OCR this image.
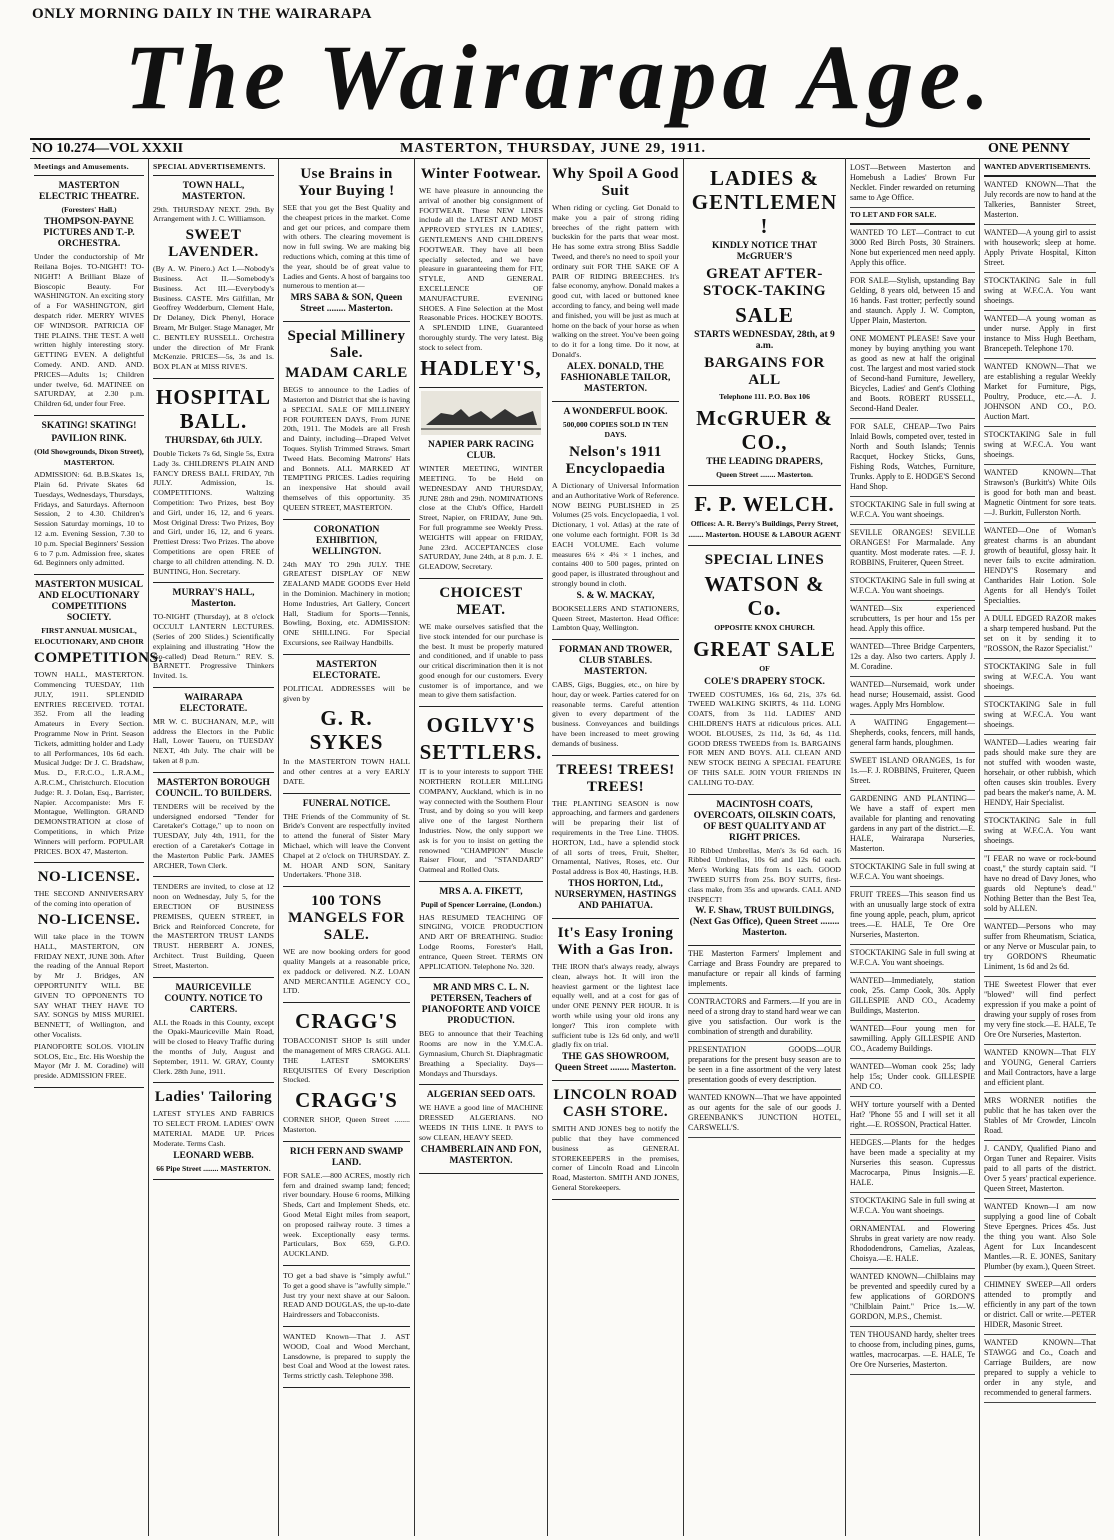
ONLY MORNING DAILY IN THE WAIRARAPA
The Wairarapa Age.
NO 10.274—VOL XXXII	MASTERTON, THURSDAY, JUNE 29, 1911.	ONE PENNY
Meetings and Amusements.
MASTERTON ELECTRIC THEATRE.
(Foresters' Hall.)
THOMPSON-PAYNE PICTURES AND T.-P. ORCHESTRA.

Under the conductorship of Mr Reilana Bojes. TO-NIGHT! TO-NIGHT! A Brilliant Blaze of Bioscopic Beauty. For WASHINGTON. An exciting story of a For WASHINGTON, girl despatch rider. MERRY WIVES OF WINDSOR. PATRICIA OF THE PLAINS. THE TEST. A well written highly interesting story. GETTING EVEN. A delightful Comedy. AND. AND. AND. PRICES—Adults 1s; Children under twelve, 6d. MATINEE on SATURDAY, at 2.30 p.m. Children 6d, under four Free.

SKATING! SKATING!
PAVILION RINK.
(Old Showgrounds, Dixon Street), MASTERTON.

ADMISSION: 6d. B.B.Skates 1s, Plain 6d. Private Skates 6d Tuesdays, Wednesdays, Thursdays, Fridays, and Saturdays. Afternoon Session, 2 to 4.30. Children's Session Saturday mornings, 10 to 12 a.m. Evening Session, 7.30 to 10 p.m. Special Beginners' Session 6 to 7 p.m. Admission free, skates 6d. Beginners only admitted.

MASTERTON MUSICAL AND ELOCUTIONARY COMPETITIONS SOCIETY.
FIRST ANNUAL MUSICAL, ELOCUTIONARY, AND CHOIR
COMPETITIONS.

TOWN HALL, MASTERTON. Commencing TUESDAY, 11th JULY, 1911. SPLENDID ENTRIES RECEIVED. TOTAL 352. From all the leading Amateurs in Every Section. Programme Now in Print. Season Tickets, admitting holder and Lady to all Performances, 10s 6d each. Musical Judge: Dr J. C. Bradshaw, Mus. D., F.R.C.O., L.R.A.M., A.R.C.M., Christchurch. Elocution Judge: R. J. Dolan, Esq., Barrister, Napier. Accompaniste: Mrs F. Montague, Wellington. GRAND DEMONSTRATION at close of Competitions, in which Prize Winners will perform. POPULAR PRICES. BOX 47, Masterton.

NO-LICENSE.

THE SECOND ANNIVERSARY of the coming into operation of

NO-LICENSE.

Will take place in the TOWN HALL, MASTERTON, ON FRIDAY NEXT, JUNE 30th. After the reading of the Annual Report by Mr J. Bridges, AN OPPORTUNITY WILL BE GIVEN TO OPPONENTS TO SAY WHAT THEY HAVE TO SAY. SONGS by MISS MURIEL BENNETT, of Wellington, and other Vocalists.

PIANOFORTE SOLOS. VIOLIN SOLOS, Etc., Etc. His Worship the Mayor (Mr J. M. Coradine) will preside. ADMISSION FREE.

SPECIAL ADVERTISEMENTS.
TOWN HALL, MASTERTON.

29th. THURSDAY NEXT. 29th. By Arrangement with J. C. Williamson.

SWEET LAVENDER.

(By A. W. Pinero.) Act I.—Nobody's Business. Act II.—Somebody's Business. Act III.—Everybody's Business. CASTE. Mrs Gilfillan, Mr Geoffrey Wedderburn, Clement Hale, Dr Delaney, Dick Phenyl, Horace Bream, Mr Bulger. Stage Manager, Mr C. BENTLEY RUSSELL. Orchestra under the direction of Mr Frank McKenzie. PRICES—5s, 3s and 1s. BOX PLAN at MISS RIVE'S.

HOSPITAL BALL.
THURSDAY, 6th JULY.

Double Tickets 7s 6d, Single 5s, Extra Lady 3s. CHILDREN'S PLAIN AND FANCY DRESS BALL FRIDAY, 7th JULY. Admission, 1s. COMPETITIONS. Waltzing Competition: Two Prizes, best Boy and Girl, under 16, 12, and 6 years. Most Original Dress: Two Prizes, Boy and Girl, under 16, 12, and 6 years. Prettiest Dress: Two Prizes. The above Competitions are open FREE of charge to all children attending. N. D. BUNTING, Hon. Secretary.

MURRAY'S HALL, Masterton.

TO-NIGHT (Thursday), at 8 o'clock OCCULT LANTERN LECTURES. (Series of 200 Slides.) Scientifically explaining and illustrating "How the (so-called) Dead Return." REV. S. BARNETT. Progressive Thinkers Invited. 1s.

WAIRARAPA ELECTORATE.

MR W. C. BUCHANAN, M.P., will address the Electors in the Public Hall, Lower Taueru, on TUESDAY NEXT, 4th July. The chair will be taken at 8 p.m.

MASTERTON BOROUGH COUNCIL. TO BUILDERS.

TENDERS will be received by the undersigned endorsed "Tender for Caretaker's Cottage," up to noon on TUESDAY, July 4th, 1911, for the erection of a Caretaker's Cottage in the Masterton Public Park. JAMES ARCHER, Town Clerk.

TENDERS are invited, to close at 12 noon on Wednesday, July 5, for the ERECTION OF BUSINESS PREMISES, QUEEN STREET, in Brick and Reinforced Concrete, for the MASTERTON TRUST LANDS TRUST. HERBERT A. JONES, Architect. Trust Building, Queen Street, Masterton.

MAURICEVILLE COUNTY. NOTICE TO CARTERS.

ALL the Roads in this County, except the Opaki-Mauriceville Main Road, will be closed to Heavy Traffic during the months of July, August and September, 1911. W. GRAY, County Clerk. 28th June, 1911.

Ladies' Tailoring

LATEST STYLES AND FABRICS TO SELECT FROM. LADIES' OWN MATERIAL MADE UP. Prices Moderate. Terms Cash.

LEONARD WEBB.
66 Pipe Street ........ MASTERTON.
Use Brains in Your Buying !

SEE that you get the Best Quality and the cheapest prices in the market. Come and get our prices, and compare them with others. The clearing movement is now in full swing. We are making big reductions which, coming at this time of the year, should be of great value to Ladies and Gents. A host of bargains too numerous to mention at—

MRS SABA & SON, Queen Street ........ Masterton.
Special Millinery Sale.
MADAM CARLE

BEGS to announce to the Ladies of Masterton and District that she is having a SPECIAL SALE OF MILLINERY FOR FOURTEEN DAYS, From JUNE 20th, 1911. The Models are all Fresh and Dainty, including—Draped Velvet Toques. Stylish Trimmed Straws. Smart Tweed Hats. Becoming Matrons' Hats and Bonnets. ALL MARKED AT TEMPTING PRICES. Ladies requiring an inexpensive Hat should avail themselves of this opportunity. 35 QUEEN STREET, MASTERTON.

CORONATION EXHIBITION, WELLINGTON.

24th MAY TO 29th JULY. THE GREATEST DISPLAY OF NEW ZEALAND MADE GOODS Ever Held in the Dominion. Machinery in motion; Home Industries, Art Gallery, Concert Hall, Stadium for Sports—Tennis, Bowling, Boxing, etc. ADMISSION: ONE SHILLING. For Special Excursions, see Railway Handbills.

MASTERTON ELECTORATE.

POLITICAL ADDRESSES will be given by

G. R. SYKES

In the MASTERTON TOWN HALL and other centres at a very EARLY DATE.

FUNERAL NOTICE.

THE Friends of the Community of St. Bride's Convent are respectfully invited to attend the funeral of Sister Mary Michael, which will leave the Convent Chapel at 2 o'clock on THURSDAY. Z. M. HOAR AND SON, Sanitary Undertakers. 'Phone 318.

100 TONS MANGELS FOR SALE.

WE are now booking orders for good quality Mangels at a reasonable price, ex paddock or delivered. N.Z. LOAN AND MERCANTILE AGENCY CO., LTD.

CRAGG'S

TOBACCONIST SHOP Is still under the management of MRS CRAGG. ALL THE LATEST SMOKERS' REQUISITES Of Every Description Stocked.

CRAGG'S

CORNER SHOP, Queen Street ........ Masterton.

RICH FERN AND SWAMP LAND.

FOR SALE.—800 ACRES, mostly rich fern and drained swamp land; fenced; river boundary. House 6 rooms, Milking Sheds, Cart and Implement Sheds, etc. Good Metal Eight miles from seaport, on proposed railway route. 3 times a week. Exceptionally easy terms. Particulars, Box 659, G.P.O. AUCKLAND.

TO get a bad shave is "simply awful." To get a good shave is "awfully simple." Just try your next shave at our Saloon. READ AND DOUGLAS, the up-to-date Hairdressers and Tobacconists.

WANTED Known—That J. AST WOOD, Coal and Wood Merchant, Lansdowne, is prepared to supply the best Coal and Wood at the lowest rates. Terms strictly cash. Telephone 398.

Winter Footwear.

WE have pleasure in announcing the arrival of another big consignment of FOOTWEAR. These NEW LINES include all the LATEST AND MOST APPROVED STYLES IN LADIES', GENTLEMEN'S AND CHILDREN'S FOOTWEAR. They have all been specially selected, and we have pleasure in guaranteeing them for FIT, STYLE, AND GENERAL EXCELLENCE OF MANUFACTURE. EVENING SHOES. A Fine Selection at the Most Reasonable Prices. HOCKEY BOOTS. A SPLENDID LINE, Guaranteed thoroughly sturdy. The very latest. Big stock to select from.

HADLEY'S,
NAPIER PARK RACING CLUB.

WINTER MEETING, WINTER MEETING. To be Held on WEDNESDAY AND THURSDAY, JUNE 28th and 29th. NOMINATIONS close at the Club's Office, Hardell Street, Napier, on FRIDAY, June 9th. For full programme see Weekly Press. WEIGHTS will appear on FRIDAY, June 23rd. ACCEPTANCES close SATURDAY, June 24th, at 8 p.m. J. E. GLEADOW, Secretary.

CHOICEST MEAT.

WE make ourselves satisfied that the live stock intended for our purchase is the best. It must be properly matured and conditioned, and if unable to pass our critical discrimination then it is not good enough for our customers. Every customer is of importance, and we mean to give them satisfaction.

OGILVY'S
SETTLERS.

IT is to your interests to support THE NORTHERN ROLLER MILLING COMPANY, Auckland, which is in no way connected with the Southern Flour Trust, and by doing so you will keep alive one of the largest Northern Industries. Now, the only support we ask is for you to insist on getting the renowned "CHAMPION" Muscle Raiser Flour, and "STANDARD" Oatmeal and Rolled Oats.

MRS A. A. FIKETT,
Pupil of Spencer Lorraine, (London.)

HAS RESUMED TEACHING OF SINGING, VOICE PRODUCTION AND ART OF BREATHING. Studio: Lodge Rooms, Forester's Hall, entrance, Queen Street. TERMS ON APPLICATION. Telephone No. 320.

MR AND MRS C. L. N. PETERSEN, Teachers of PIANOFORTE AND VOICE PRODUCTION.

BEG to announce that their Teaching Rooms are now in the Y.M.C.A. Gymnasium, Church St. Diaphragmatic Breathing a Speciality. Days—Mondays and Thursdays.

ALGERIAN SEED OATS.

WE HAVE a good line of MACHINE DRESSED ALGERIANS. NO WEEDS IN THIS LINE. It PAYS to sow CLEAN, HEAVY SEED.

CHAMBERLAIN AND FON, MASTERTON.
Why Spoil A Good Suit

When riding or cycling. Get Donald to make you a pair of strong riding breeches of the right pattern with buckskin for the parts that wear most. He has some extra strong Bliss Saddle Tweed, and there's no need to spoil your ordinary suit FOR THE SAKE OF A PAIR OF RIDING BREECHES. It's false economy, anyhow. Donald makes a good cut, with laced or buttoned knee according to fancy, and being well made and finished, you will be just as much at home on the back of your horse as when walking on the street. You've been going to do it for a long time. Do it now, at Donald's.

ALEX. DONALD, THE FASHIONABLE TAILOR, MASTERTON.
A WONDERFUL BOOK.
500,000 COPIES SOLD IN TEN DAYS.
Nelson's 1911 Encyclopaedia

A Dictionary of Universal Information and an Authoritative Work of Reference. NOW BEING PUBLISHED in 25 Volumes (25 vols. Encyclopaedia, 1 vol. Dictionary, 1 vol. Atlas) at the rate of one volume each fortnight. FOR 1s 3d EACH VOLUME. Each volume measures 6¼ × 4¼ × 1 inches, and contains 400 to 500 pages, printed on good paper, is illustrated throughout and strongly bound in cloth.

S. & W. MACKAY,

BOOKSELLERS AND STATIONERS, Queen Street, Masterton. Head Office: Lambton Quay, Wellington.

FORMAN AND TROWER, CLUB STABLES. MASTERTON.

CABS, Gigs, Buggies, etc., on hire by hour, day or week. Parties catered for on reasonable terms. Careful attention given to every department of the business. Conveyances and buildings have been increased to meet growing demands of business.

TREES! TREES! TREES!

THE PLANTING SEASON is now approaching, and farmers and gardeners will be preparing their list of requirements in the Tree Line. THOS. HORTON, Ltd., have a splendid stock of all sorts of trees, Fruit, Shelter, Ornamental, Natives, Roses, etc. Our Postal address is Box 40, Hastings, H.B.

THOS HORTON, Ltd., NURSERYMEN, HASTINGS AND PAHIATUA.
It's Easy Ironing With a Gas Iron.

THE IRON that's always ready, always clean, always hot. It will iron the heaviest garment or the lightest lace equally well, and at a cost for gas of under ONE PENNY PER HOUR. It is worth while using your old irons any longer? This iron complete with sufficient tube is 12s 6d only, and we'll gladly fix on trial.

THE GAS SHOWROOM, Queen Street ........ Masterton.
LINCOLN ROAD CASH STORE.

SMITH AND JONES beg to notify the public that they have commenced business as GENERAL STOREKEEPERS in the premises, corner of Lincoln Road and Lincoln Road, Masterton. SMITH AND JONES, General Storekeepers.

LADIES & GENTLEMEN !
KINDLY NOTICE THAT McGRUER'S
GREAT AFTER-STOCK-TAKING
SALE
STARTS WEDNESDAY, 28th, at 9 a.m.
BARGAINS FOR ALL
Telephone 111. P.O. Box 106
McGRUER & CO.,
THE LEADING DRAPERS,
Queen Street ........ Masterton.
F. P. WELCH.
Offices: A. R. Berry's Buildings, Perry Street, ........ Masterton. HOUSE & LABOUR AGENT
SPECIAL LINES
WATSON & Co.
OPPOSITE KNOX CHURCH.
GREAT SALE
OF
COLE'S DRAPERY STOCK.

TWEED COSTUMES, 16s 6d, 21s, 37s 6d. TWEED WALKING SKIRTS, 4s 11d. LONG COATS, from 3s 11d. LADIES' AND CHILDREN'S HATS at ridiculous prices. ALL WOOL BLOUSES, 2s 11d, 3s 6d, 4s 11d. GOOD DRESS TWEEDS from 1s. BARGAINS FOR MEN AND BOYS. ALL CLEAN AND NEW STOCK BEING A SPECIAL FEATURE OF THIS SALE. JOIN YOUR FRIENDS IN CALLING TO-DAY.

MACINTOSH COATS, OVERCOATS, OILSKIN COATS, OF BEST QUALITY AND AT RIGHT PRICES.

10 Ribbed Umbrellas, Men's 3s 6d each. 16 Ribbed Umbrellas, 10s 6d and 12s 6d each. Men's Working Hats from 1s each. GOOD TWEED SUITS from 25s. BOY SUITS, first-class make, from 35s and upwards. CALL AND INSPECT!

W. F. Shaw, TRUST BUILDINGS, (Next Gas Office), Queen Street ........ Masterton.
THE Masterton Farmers' Implement and Carriage and Brass Foundry are prepared to manufacture or repair all kinds of farming implements.
CONTRACTORS and Farmers.—If you are in need of a strong dray to stand hard wear we can give you satisfaction. Our work is the combination of strength and durability.
PRESENTATION GOODS—OUR preparations for the present busy season are to be seen in a fine assortment of the very latest presentation goods of every description.
WANTED KNOWN—That we have appointed as our agents for the sale of our goods J. GREENBANK'S JUNCTION HOTEL, CARSWELL'S.
LOST—Between Masterton and Homebush a Ladies' Brown Fur Necklet. Finder rewarded on returning same to Age Office.
TO LET AND FOR SALE.
WANTED TO LET—Contract to cut 3000 Red Birch Posts, 30 Strainers. None but experienced men need apply. Apply this office.
FOR SALE—Stylish, upstanding Bay Gelding, 8 years old, between 15 and 16 hands. Fast trotter; perfectly sound and staunch. Apply J. W. Compton, Upper Plain, Masterton.
ONE MOMENT PLEASE! Save your money by buying anything you want as good as new at half the original cost. The largest and most varied stock of Second-hand Furniture, Jewellery, Bicycles, Ladies' and Gent's Clothing and Boots. ROBERT RUSSELL, Second-Hand Dealer.
FOR SALE, CHEAP—Two Pairs Inlaid Bowls, competed over, tested in North and South Islands; Tennis Racquet, Hockey Sticks, Guns, Fishing Rods, Watches, Furniture, Trunks. Apply to E. HODGE'S Second Hand Shop.
STOCKTAKING Sale in full swing at W.F.C.A. You want shoeings.
SEVILLE ORANGES! SEVILLE ORANGES! For Marmalade. Any quantity. Most moderate rates. —F. J. ROBBINS, Fruiterer, Queen Street.
STOCKTAKING Sale in full swing at W.F.C.A. You want shoeings.
WANTED—Six experienced scrubcutters, 1s per hour and 15s per head. Apply this office.
WANTED—Three Bridge Carpenters, 12s a day. Also two carters. Apply J. M. Coradine.
WANTED—Nursemaid, work under head nurse; Housemaid, assist. Good wages. Apply Mrs Hornblow.
A WAITING Engagement—Shepherds, cooks, fencers, mill hands, general farm hands, ploughmen.
SWEET ISLAND ORANGES, 1s for 1s.—F. J. ROBBINS, Fruiterer, Queen Street.
GARDENING AND PLANTING—We have a staff of expert men available for planting and renovating gardens in any part of the district.—E. HALE, Wairarapa Nurseries, Masterton.
STOCKTAKING Sale in full swing at W.F.C.A. You want shoeings.
FRUIT TREES—This season find us with an unusually large stock of extra fine young apple, peach, plum, apricot trees.—E. HALE, Te Ore Ore Nurseries, Masterton.
STOCKTAKING Sale in full swing at W.F.C.A. You want shoeings.
WANTED—Immediately, station cook, 25s. Camp Cook, 30s. Apply GILLESPIE AND CO., Academy Buildings, Masterton.
WANTED—Four young men for sawmilling. Apply GILLESPIE AND CO., Academy Buildings.
WANTED—Woman cook 25s; lady help 15s; Under cook. GILLESPIE AND CO.
WHY torture yourself with a Dented Hat? 'Phone 55 and I will set it all right.—E. ROSSON, Practical Hatter.
HEDGES.—Plants for the hedges have been made a speciality at my Nurseries this season. Cupressus Macrocarpa, Pinus Insignis.—E. HALE.
STOCKTAKING Sale in full swing at W.F.C.A. You want shoeings.
ORNAMENTAL and Flowering Shrubs in great variety are now ready. Rhododendrons, Camelias, Azaleas, Choisya.—E. HALE.
WANTED KNOWN—Chilblains may be prevented and speedily cured by a few applications of GORDON'S "Chilblain Paint." Price 1s.—W. GORDON, M.P.S., Chemist.
TEN THOUSAND hardy, shelter trees to choose from, including pines, gums, wattles, macrocarpas. —E. HALE, Te Ore Ore Nurseries, Masterton.
WANTED ADVERTISEMENTS.
WANTED KNOWN—That the July records are now to hand at the Talkeries, Bannister Street, Masterton.
WANTED—A young girl to assist with housework; sleep at home. Apply Private Hospital, Kitton Street.
STOCKTAKING Sale in full swing at W.F.C.A. You want shoeings.
WANTED—A young woman as under nurse. Apply in first instance to Miss Hugh Beetham, Brancepeth. Telephone 170.
WANTED KNOWN—That we are establishing a regular Weekly Market for Furniture, Pigs, Poultry, Produce, etc.—A. J. JOHNSON AND CO., P.O. Auction Mart.
STOCKTAKING Sale in full swing at W.F.C.A. You want shoeings.
WANTED KNOWN—That Strawson's (Burkitt's) White Oils is good for both man and beast. Magnetic Ointment for sore teats.—J. Burkitt, Fullerston North.
WANTED—One of Woman's greatest charms is an abundant growth of beautiful, glossy hair. It never fails to excite admiration. HENDY'S Rosemary and Cantharides Hair Lotion. Sole Agents for all Hendy's Toilet Specialties.
A DULL EDGED RAZOR makes a sharp tempered husband. Put the set on it by sending it to "ROSSON, the Razor Specialist."
STOCKTAKING Sale in full swing at W.F.C.A. You want shoeings.
STOCKTAKING Sale in full swing at W.F.C.A. You want shoeings.
WANTED—Ladies wearing fair pads should make sure they are not stuffed with wooden waste, horsehair, or other rubbish, which often causes skin troubles. Every pad bears the maker's name, A. M. HENDY, Hair Specialist.
STOCKTAKING Sale in full swing at W.F.C.A. You want shoeings.
"I FEAR no wave or rock-bound coast," the sturdy captain said. "I have no dread of Davy Jones, who guards old Neptune's dead." Nothing Better than the Best Tea, sold by ALLEN.
WANTED—Persons who may suffer from Rheumatism, Sciatica, or any Nerve or Muscular pain, to try GORDON'S Rheumatic Liniment, 1s 6d and 2s 6d.
THE Sweetest Flower that ever "blowed" will find perfect expression if you make a point of drawing your supply of roses from my very fine stock.—E. HALE, Te Ore Ore Nurseries, Masterton.
WANTED KNOWN—That FLY and YOUNG, General Carriers and Mail Contractors, have a large and efficient plant.
MRS WORNER notifies the public that he has taken over the Stables of Mr Crowder, Lincoln Road.
J. CANDY, Qualified Piano and Organ Tuner and Repairer. Visits paid to all parts of the district. Over 5 years' practical experience. Queen Street, Masterton.
WANTED Known—I am now supplying a good line of Cobalt Steve Epergnes. Prices 45s. Just the thing you want. Also Sole Agent for Lux Incandescent Mantles.—R. E. JONES, Sanitary Plumber (by exam.), Queen Street.
CHIMNEY SWEEP—All orders attended to promptly and efficiently in any part of the town or district. Call or write.—PETER HIDER, Masonic Street.
WANTED KNOWN—That STAWGG and Co., Coach and Carriage Builders, are now prepared to supply a vehicle to order in any style, and recommended to general farmers.
